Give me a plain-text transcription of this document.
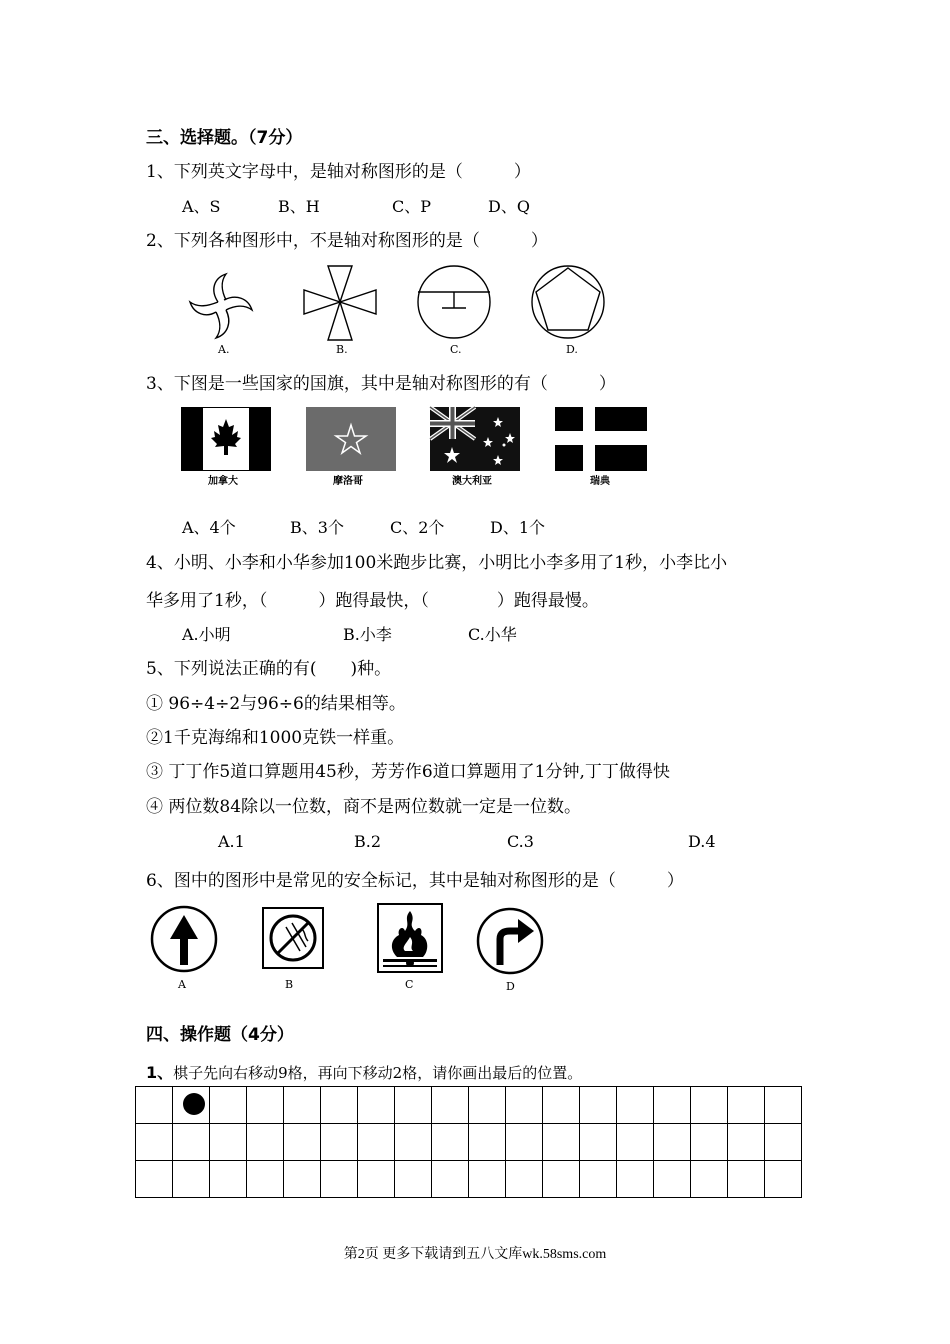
三、选择题。（7分）
1、下列英文字母中，是轴对称图形的是（　　　）
A、S	B、H	C、P	D、Q
2、下列各种图形中，不是轴对称图形的是（　　　）
A.	B.	C.	D.
3、下图是一些国家的国旗，其中是轴对称图形的有（　　　）
加拿大	摩洛哥	澳大利亚	瑞典
A、4个	B、3个	C、2个	D、1个
4、小明、小李和小华参加100米跑步比赛，小明比小李多用了1秒，小李比小
华多用了1秒，（　　　）跑得最快，（　　　　）跑得最慢。
A.小明	B.小李	C.小华
5、下列说法正确的有(　　)种。
① 96÷4÷2与96÷6的结果相等。
②1千克海绵和1000克铁一样重。
③ 丁丁作5道口算题用45秒，芳芳作6道口算题用了1分钟,丁丁做得快
④ 两位数84除以一位数，商不是两位数就一定是一位数。
A.1	B.2	C.3	D.4
6、图中的图形中是常见的安全标记，其中是轴对称图形的是（　　　）
A	B	C	D
四、操作题（4分）
1、棋子先向右移动9格，再向下移动2格，请你画出最后的位置。

第2页 更多下载请到五八文库wk.58sms.com
